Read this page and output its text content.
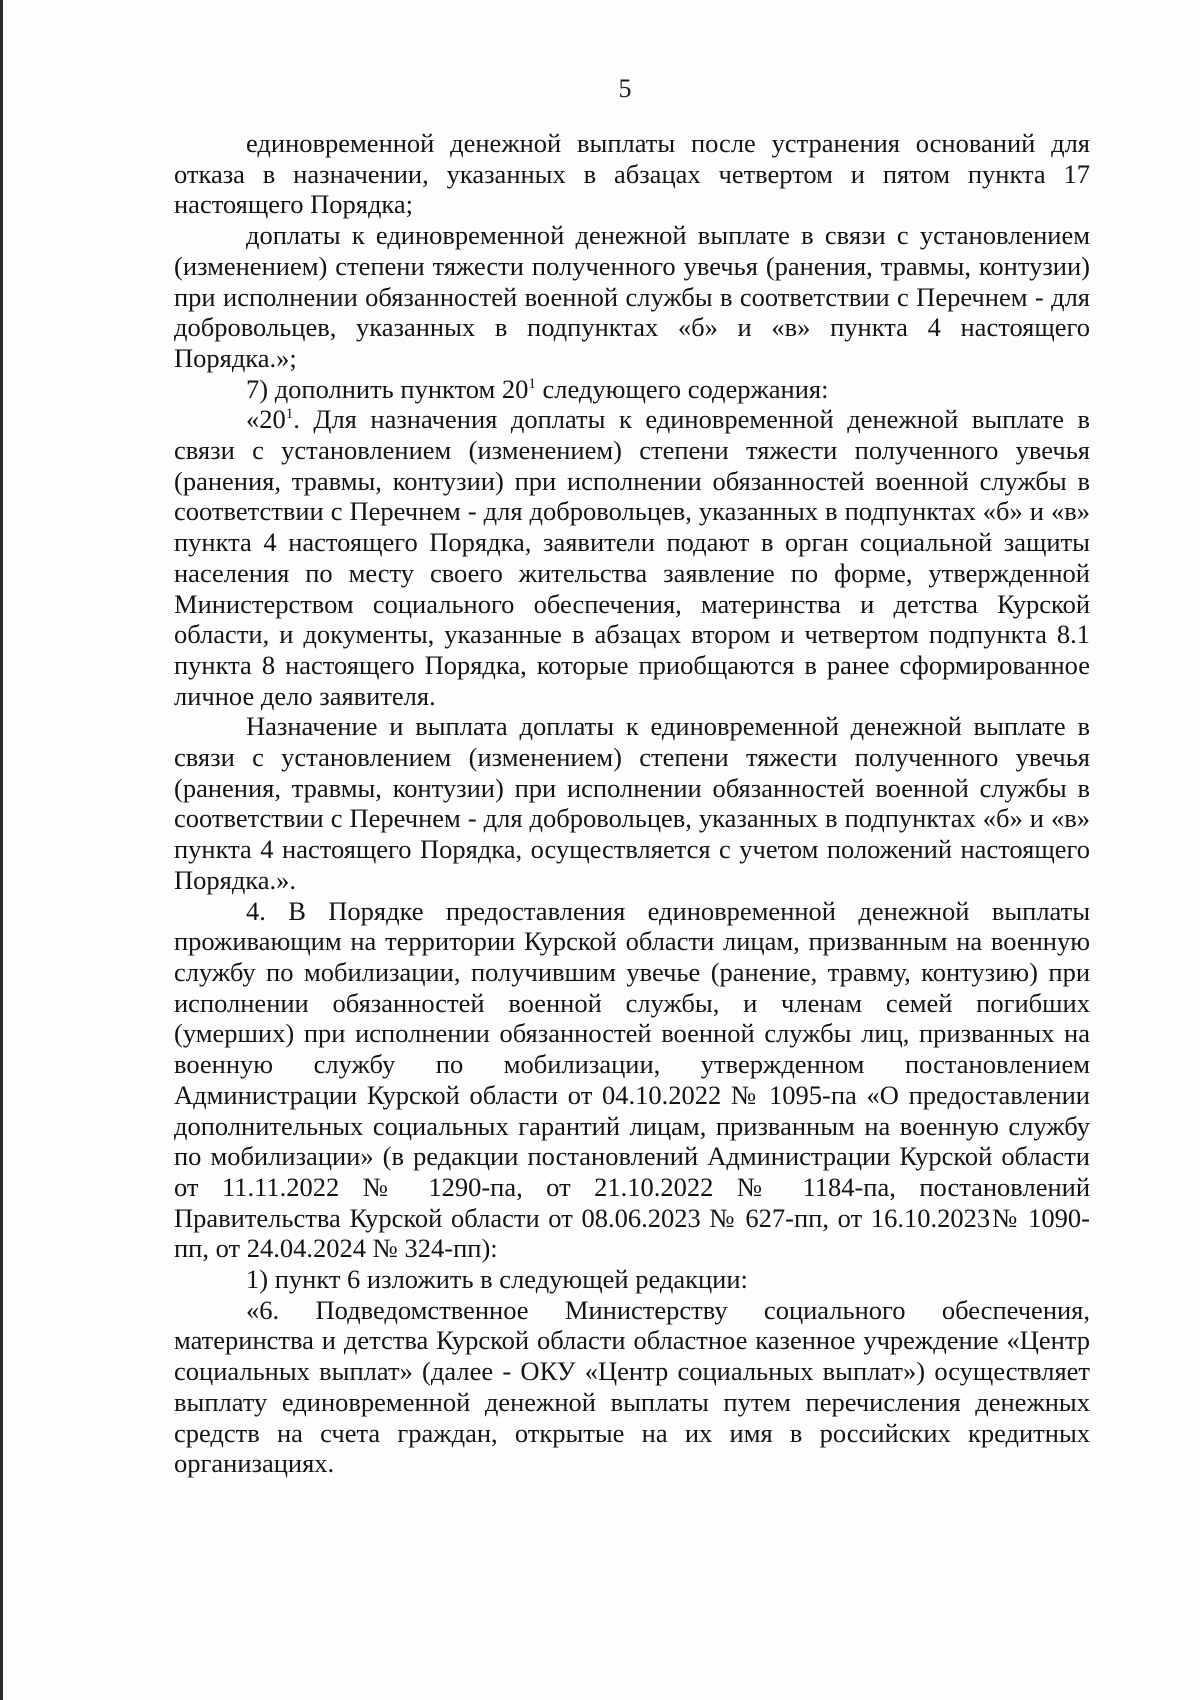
5

единовременной денежной выплаты после устранения оснований для отказа в назначении, указанных в абзацах четвертом и пятом пункта 17 настоящего Порядка;

доплаты к единовременной денежной выплате в связи с установлением (изменением) степени тяжести полученного увечья (ранения, травмы, контузии) при исполнении обязанностей военной службы в соответствии с Перечнем - для добровольцев, указанных в подпунктах «б» и «в» пункта 4 настоящего Порядка.»;

7) дополнить пунктом $20^1$ следующего содержания:

«$20^1$. Для назначения доплаты к единовременной денежной выплате в связи с установлением (изменением) степени тяжести полученного увечья (ранения, травмы, контузии) при исполнении обязанностей военной службы в соответствии с Перечнем - для добровольцев, указанных в подпунктах «б» и «в» пункта 4 настоящего Порядка, заявители подают в орган социальной защиты населения по месту своего жительства заявление по форме, утвержденной Министерством социального обеспечения, материнства и детства Курской области, и документы, указанные в абзацах втором и четвертом подпункта 8.1 пункта 8 настоящего Порядка, которые приобщаются в ранее сформированное личное дело заявителя.

Назначение и выплата доплаты к единовременной денежной выплате в связи с установлением (изменением) степени тяжести полученного увечья (ранения, травмы, контузии) при исполнении обязанностей военной службы в соответствии с Перечнем - для добровольцев, указанных в подпунктах «б» и «в» пункта 4 настоящего Порядка, осуществляется с учетом положений настоящего Порядка.».

4. В Порядке предоставления единовременной денежной выплаты проживающим на территории Курской области лицам, призванным на военную службу по мобилизации, получившим увечье (ранение, травму, контузию) при исполнении обязанностей военной службы, и членам семей погибших (умерших) при исполнении обязанностей военной службы лиц, призванных на военную службу по мобилизации, утвержденном постановлением Администрации Курской области от 04.10.2022 № 1095-па «О предоставлении дополнительных социальных гарантий лицам, призванным на военную службу по мобилизации» (в редакции постановлений Администрации Курской области от 11.11.2022 № 1290-па, от 21.10.2022 № 1184-па, постановлений Правительства Курской области от 08.06.2023 № 627-пп, от 16.10.2023№ 1090-пп, от 24.04.2024 № 324-пп):

1) пункт 6 изложить в следующей редакции:

«6. Подведомственное Министерству социального обеспечения, материнства и детства Курской области областное казенное учреждение «Центр социальных выплат» (далее - ОКУ «Центр социальных выплат») осуществляет выплату единовременной денежной выплаты путем перечисления денежных средств на счета граждан, открытые на их имя в российских кредитных организациях.
